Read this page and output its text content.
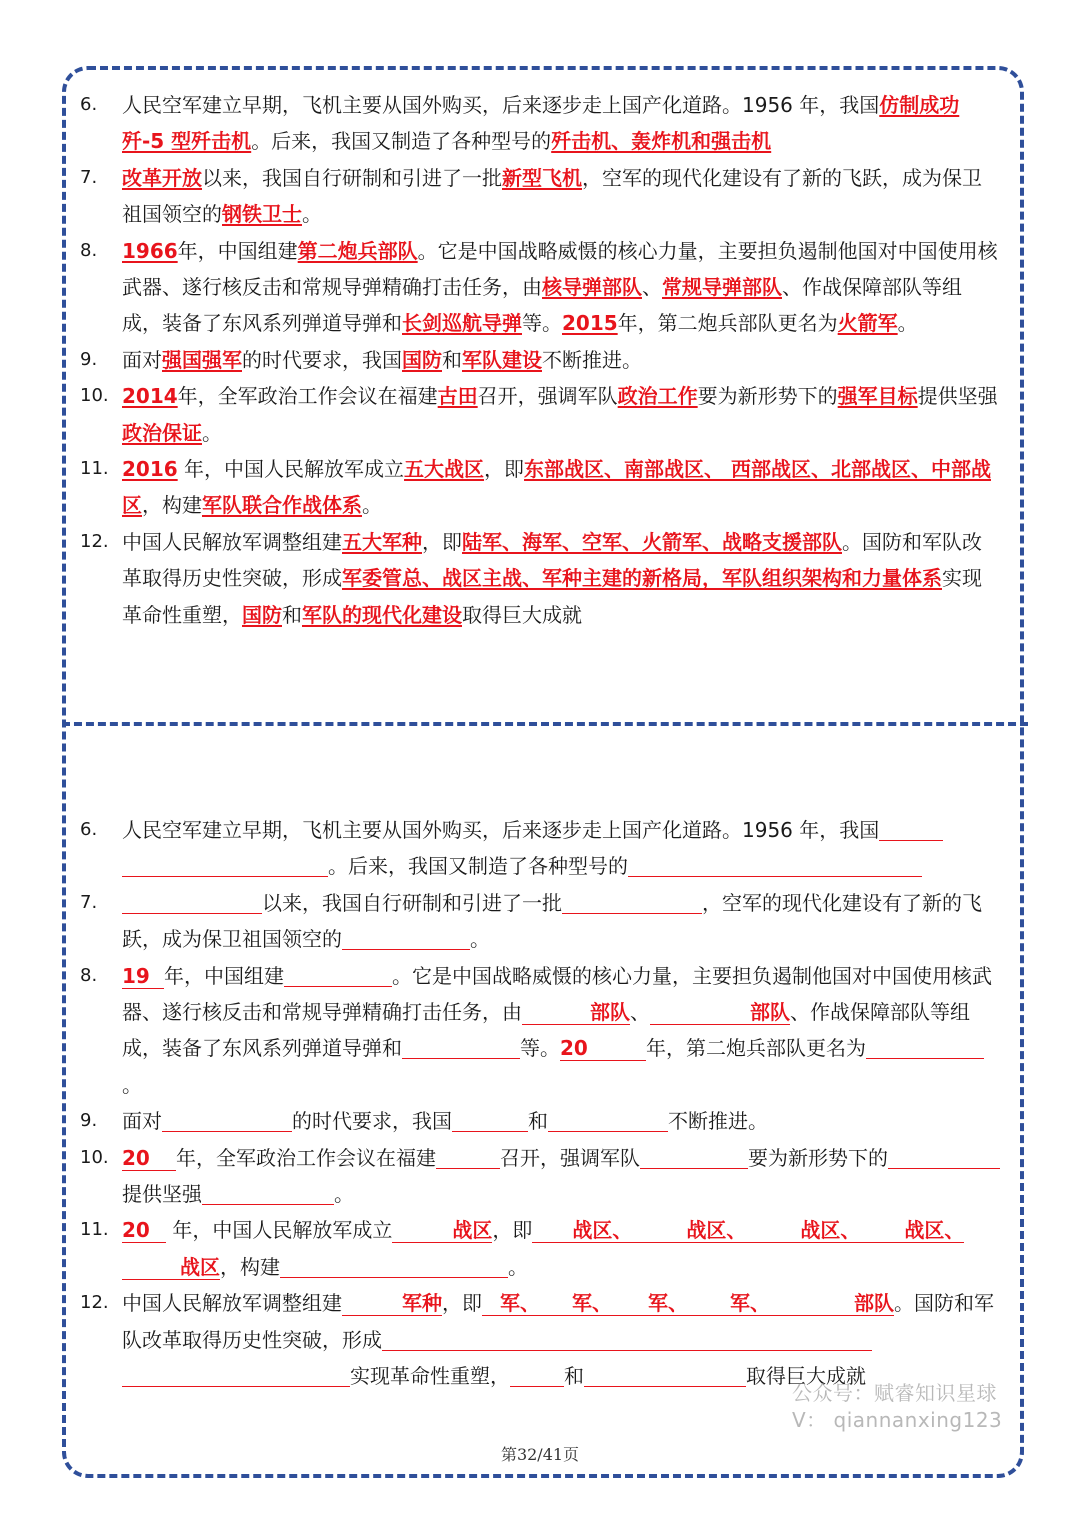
6.	人民空军建立早期，飞机主要从国外购买，后来逐步走上国产化道路。1956 年，我国仿制成功歼-5 型歼击机。后来，我国又制造了各种型号的歼击机、轰炸机和强击机
7.	改革开放以来，我国自行研制和引进了一批新型飞机，空军的现代化建设有了新的飞跃，成为保卫祖国领空的钢铁卫士。
8.	1966年，中国组建第二炮兵部队。它是中国战略威慑的核心力量，主要担负遏制他国对中国使用核武器、遂行核反击和常规导弹精确打击任务，由核导弹部队、常规导弹部队、作战保障部队等组成，装备了东风系列弹道导弹和长剑巡航导弹等。2015年，第二炮兵部队更名为火箭军。
9.	面对强国强军的时代要求，我国国防和军队建设不断推进。
10. 2014年，全军政治工作会议在福建古田召开，强调军队政治工作要为新形势下的强军目标提供坚强政治保证。
11. 2016 年，中国人民解放军成立五大战区，即东部战区、南部战区、 西部战区、北部战区、中部战区，构建军队联合作战体系。
12. 中国人民解放军调整组建五大军种，即陆军、海军、空军、火箭军、战略支援部队。国防和军队改革取得历史性突破，形成军委管总、战区主战、军种主建的新格局，军队组织架构和力量体系实现革命性重塑，国防和军队的现代化建设取得巨大成就
6.	人民空军建立早期，飞机主要从国外购买，后来逐步走上国产化道路。1956 年，我国。后来，我国又制造了各种型号的
7.	以来，我国自行研制和引进了一批	，空军的现代化建设有了新的飞跃，成为保卫祖国领空的	。
8.	19 年，中国组建	。它是中国战略威慑的核心力量，主要担负遏制他国对中国使用核武器、遂行核反击和常规导弹精确打击任务，由	部队、	部队、作战保障部队等组成，装备了东风系列弹道导弹和	等。20	年，第二炮兵部队更名为。
9.	面对	的时代要求，我国	和	不断推进。
10. 20 年，全军政治工作会议在福建	召开，强调军队	要为新形势下的提供坚强	。
11. 20 年，中国人民解放军成立	战区，即 战区、	战区、	战区、 战区、战区，构建	。
12. 中国人民解放军调整组建	军种，即 军、 军、 军、 军、	部队。国防和军队改革取得历史性突破，形成实现革命性重塑，	和	取得巨大成就
公众号：赋睿知识星球
V： qiannanxing123
第32/41页
